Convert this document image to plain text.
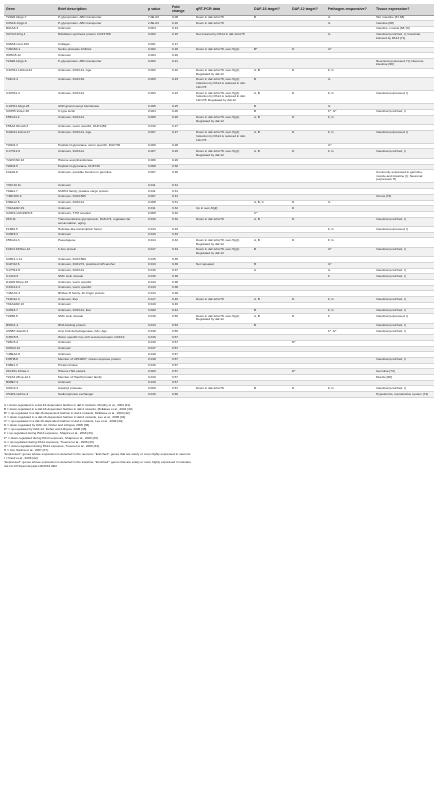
Gene	Brief description	p value	Fold change	qRT-PCR data	DAF-16 target?	DAF-12 target?	Pathogen-responsive?	Tissue expression?
T21E8.2/pgp-7	P-glycoprotein, ABC transporter	7.0E-03	0.08	Down in daf-12m/78	B		G	Tail, intestine [67,68]
C05A9.1/pgp-9	P-glycoprotein, ABC transporter	2.6E-03	0.10	Down in daf-12m/78			G	Intestine [68]
R01A5.3	Unknown	0.004	0.14					Intestine, muscle [68,70]
C07G3.2/irg-1	Riboflavin synthesis protein, DUF1768	0.003	0.15	Not induced by PA14 in daf-12m/78			G	Intestinal (enriched, I); Intestinal, induced by PA14 [71]
K08A8.1/col-109	Collagen	0.001	0.17					
Y49G5A.1	Serine protease inhibitor	0.002	0.18	Down in daf-12m/78, sem-5(gf);	B*	D	G*	
W05G5.12	Unknown	0.004	0.20					
T21E8.1/pgp-6	P-glycoprotein, ABC transporter	0.002	0.21					Neuronal (expressed, H); Neurons, intestine [68]
C32H11.12/dod-24	Unknown, DUF141, Age	0.002	0.22	Down in daf-12m/78, sem-5(gf); Regulated by daf-12	A, B	D	F, G	
T24C4.4	Unknown, DUF164	0.005	0.23	Down in daf-12m/78, sem-5(gf); Induction by PA14 is reduced in daf-12m/78	B		G	
C32H11.4	Unknown, DUF141	0.003	0.23	Down in daf-12m/78, sem-5(gf); Induction by PA14 is reduced in daf-12m/78; Regulated by daf-12	A, B	D	F, G	Intestinal (expressed, I)
C10H11.6/ugt-26	UDP-glucuronosyl transferase	0.005	0.25		B		G	
C03H5.1/clec-30	C-type lectin	0.004	0.26		B		F*, G*	Intestinal (enriched, I)
F55G11.2	Unknown, DUF141	0.005	0.26	Down in daf-12m/78, sem-5(gf); Regulated by daf-12	A, B	D	F, G	
F56A3.6/math-3	Unknown, worm specific, DUF1459	0.010	0.27					
K10D11.1/dod-17	Unknown, DUF141, Age	0.007	0.27	Down in daf-12m/78, sem-5(gf); Induction by PA14 is reduced in daf-12m/78	A, B	D	F, G	Intestinal (expressed, I)
T20D4.3	Peptide N-glycanase, worm specific, DUF736	0.009	0.28				G*	
C17H12.8	Unknown, DUF141	0.007	0.29	Down in daf-12m/78, sem-5(gf); Regulated by daf-12	A, B	D	F, G	Intestinal (enriched, I)
Y22D7AR.10	Histone acetyltransferase	0.006	0.29					
T20D4.5	Peptide N-glycanase, DUF736	0.008	0.30					
F42A9.6	Unknown, possible function in germline	0.007	0.30					Commonly expressed in germline, muscle and intestine (I); Neuronal (expressed, H)
Y51F10.11	Unknown	0.011	0.31					
T02E1.7	SURF4 family, putative cargo protein	0.011	0.31					
Y46F10C.2	Unknown, DUF1505	0.007	0.31					Uterus [72]
F35E12.5	Unknown, DUF141	0.008	0.31		A, B, C	D	G	
Y64A2AR.2S	Unknown	0.011	0.32	Up in sem-5(gf);		D		
C29F9.14/C29F9.8	Unknown, TTM receptor	0.009	0.32		C*			
ZK6.11	Transmembrane glycoprotein, DUF274, regulates fat accumulation, aging	0.010	0.32	Down in daf-12m/78	A, B	D		Intestinal (enriched, I)
F19B2.5	Helicase-like transcription factor	0.013	0.33				F, G	Intestinal (expressed, I)
C29F9.3	Unknown	0.010	0.33					
F55G11.3	Pseudogene	0.014	0.34	Down in daf-12m/78, sem-5(gf); Regulated by daf-12	A, B	D	F, G	
F31F4.15/fbxc-12	F-box protein	0.017	0.34	Down in daf-12m/78, sem-5(gf); Regulated by daf-12	B		G*	Intestinal (enriched, I)
C08F1.1.12	Unknown, DUF1509	0.015	0.35					
K11H12.6	Unknown, DUF274, predicted GPI-anchor	0.013	0.36	Not repeated	B		G*	
C17H12.8	Unknown, DUF141	0.016	0.37		A		G	Intestinal (enriched, I)
C14C6.5	SMC toxin domain	0.015	0.38				F	Intestinal (enriched, I)
D1025.6/npp-16	Unknown, worm specific	0.013	0.38					
C33C12.4	Unknown, worm specific	0.013	0.38					
Y48A7A.3	RNAse III family, Zn-finger protein	0.013	0.39					
T19D12.4	Unknown, Evp	0.017	0.40	Down in daf-12m/78	A, B	D	F, G	Intestinal (enriched, I)
Y64A2AR.13	Unknown	0.019	0.40					
C29F4.7	Unknown, DUF141, Evo	0.020	0.44		B		F, G	Intestinal (enriched, I)
T24B8.5	SMC toxin domain	0.019	0.50	Down in daf-12m/78, sem-5(gf); Regulated by daf-12	A, B	D	F	Intestinal (expressed, I)
R06C1.4	RNA binding protein	0.013	0.53		B			Intestinal (enriched, I)
C55B7.4/acdh-1	Acyl CoA dehydrogenase, Kdx, Age	0.018	0.56				F*, G*	Intestinal (enriched, I)
C36C5.5	Worm-specific Cys-rich secreted protein, DUF19	0.016	0.57					
T28C3.4	Unknown	0.019	0.57			D*		
C06G3.12	Unknown	0.017	0.57					
Y48E1A.8	Unknown	0.018	0.57					
F35H8.8	Member of UPF0057, stress response protein	0.018	0.57					Intestinal (enriched, I)
F38E1.3	Protein kinase	0.016	0.57					
ZK1251.1/htas-1	Histone H2A variant	0.020	0.57			D*		Germline [73]
T22A3.2/hsp-12.1	Member of Hsp20 protein family	0.019	0.57					Muscle [68]
R08E7.4	Unknown	0.019	0.57					
K03C2.3	Aspartyl protease	0.020	0.57	Down in daf-12m/78	B	D	F, G	Intestinal (enriched, I)
C54F6.12/nhx-3	Sodium/proton exchanger	0.019	0.60					Hypodermis, reproductive system [74]
A = down-regulated in a daf-16-dependent fashion in daf-2 mutants, Murphy et al., 2003 [31].
B = down-regulated in a daf-16-dependent fashion in daf-2 mutants, McElwee et al., 2004 [32].
B* = up-regulated in a daf-16-dependent fashion in daf-2 mutants, McElwee et al., 2004 [32].
C = down-regulated in a daf-16-dependent fashion in daf-2 mutants, Lee et al., 2009 [34].
C* = up-regulated in a daf-16-dependent fashion in daf-2 mutants, Lee et al., 2009 [34].
D = down-regulated by DAF-12, Fisher and Lithgow, 2006 [38].
D* = up-regulated by DAF-12, Fisher and Lithgow, 2006 [38].
F = up-regulated during PA14 exposure, Shapira et al., 2006 [33].
F* = down-regulated during PA14 exposure, Shapira et al., 2006 [33].
G = up-regulated during PA14 exposure, Troemel et al., 2006 [33].
G* = down-regulated during PA14 exposure, Troemel et al., 2006 [33].
H = Von Stetina et al., 2007 [27].
"Expressed": genes whose expression is detected in the neurons; "Enriched": genes that are solely or more highly expressed in neurons.
I = Pauli et al., 2006 [42].
"Expressed": genes whose expression is detected in the intestine; "Enriched": genes that are solely or more highly expressed in intestine.
doi:10.1371/journal.ppat.1003153.t002
